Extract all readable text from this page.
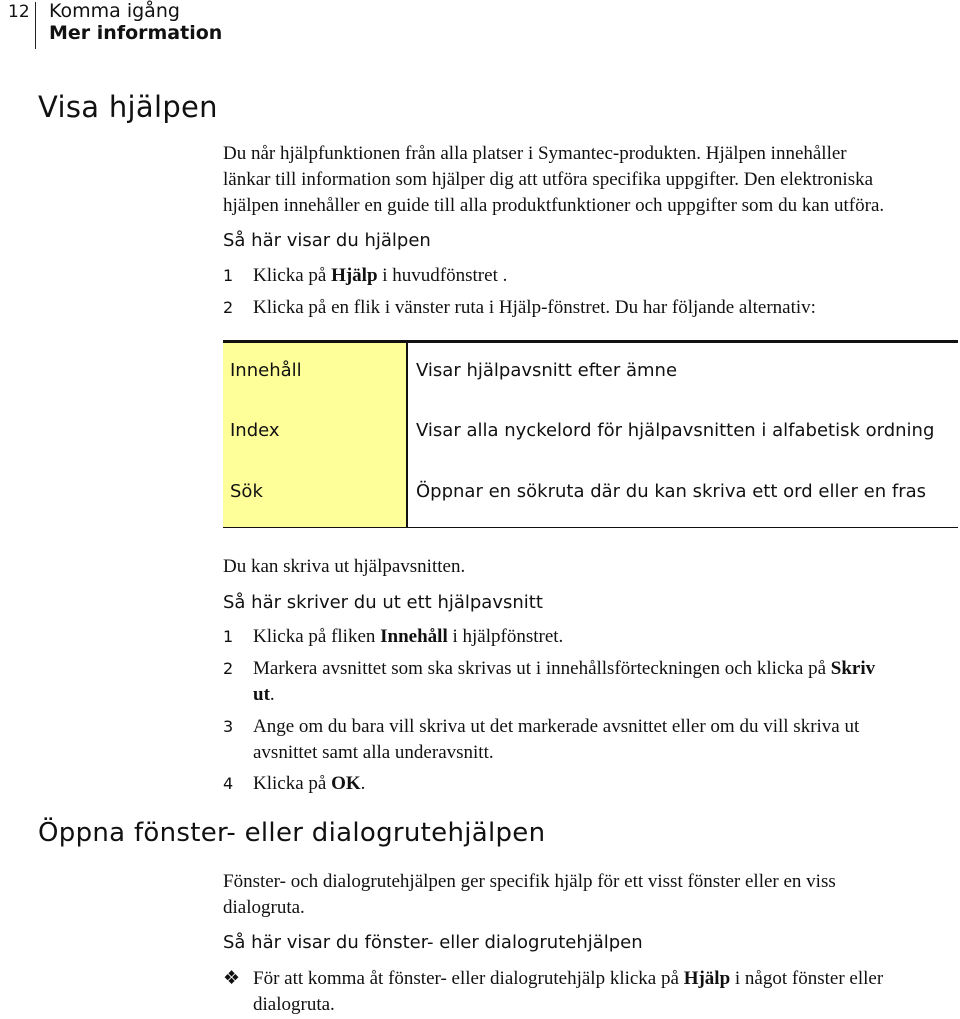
12 Komma igång
Mer information
Visa hjälpen
Du når hjälpfunktionen från alla platser i Symantec-produkten. Hjälpen innehåller
länkar till information som hjälper dig att utföra specifika uppgifter. Den elektroniska
hjälpen innehåller en guide till alla produktfunktioner och uppgifter som du kan utföra.
Så här visar du hjälpen
1 Klicka på Hjälp i huvudfönstret .
2 Klicka på en flik i vänster ruta i Hjälp-fönstret. Du har följande alternativ:
Innehåll	Visar hjälpavsnitt efter ämne
Index	Visar alla nyckelord för hjälpavsnitten i alfabetisk ordning
Sök	Öppnar en sökruta där du kan skriva ett ord eller en fras

Du kan skriva ut hjälpavsnitten.

Så här skriver du ut ett hjälpavsnitt
1 Klicka på fliken Innehåll i hjälpfönstret.
2 Markera avsnittet som ska skrivas ut i innehållsförteckningen och klicka på Skriv
ut.
3 Ange om du bara vill skriva ut det markerade avsnittet eller om du vill skriva ut
avsnittet samt alla underavsnitt.
4 Klicka på OK.
Öppna fönster- eller dialogrutehjälpen
Fönster- och dialogrutehjälpen ger specifik hjälp för ett visst fönster eller en viss
dialogruta.
Så här visar du fönster- eller dialogrutehjälpen
❖ För att komma åt fönster- eller dialogrutehjälp klicka på Hjälp i något fönster eller
dialogruta.
